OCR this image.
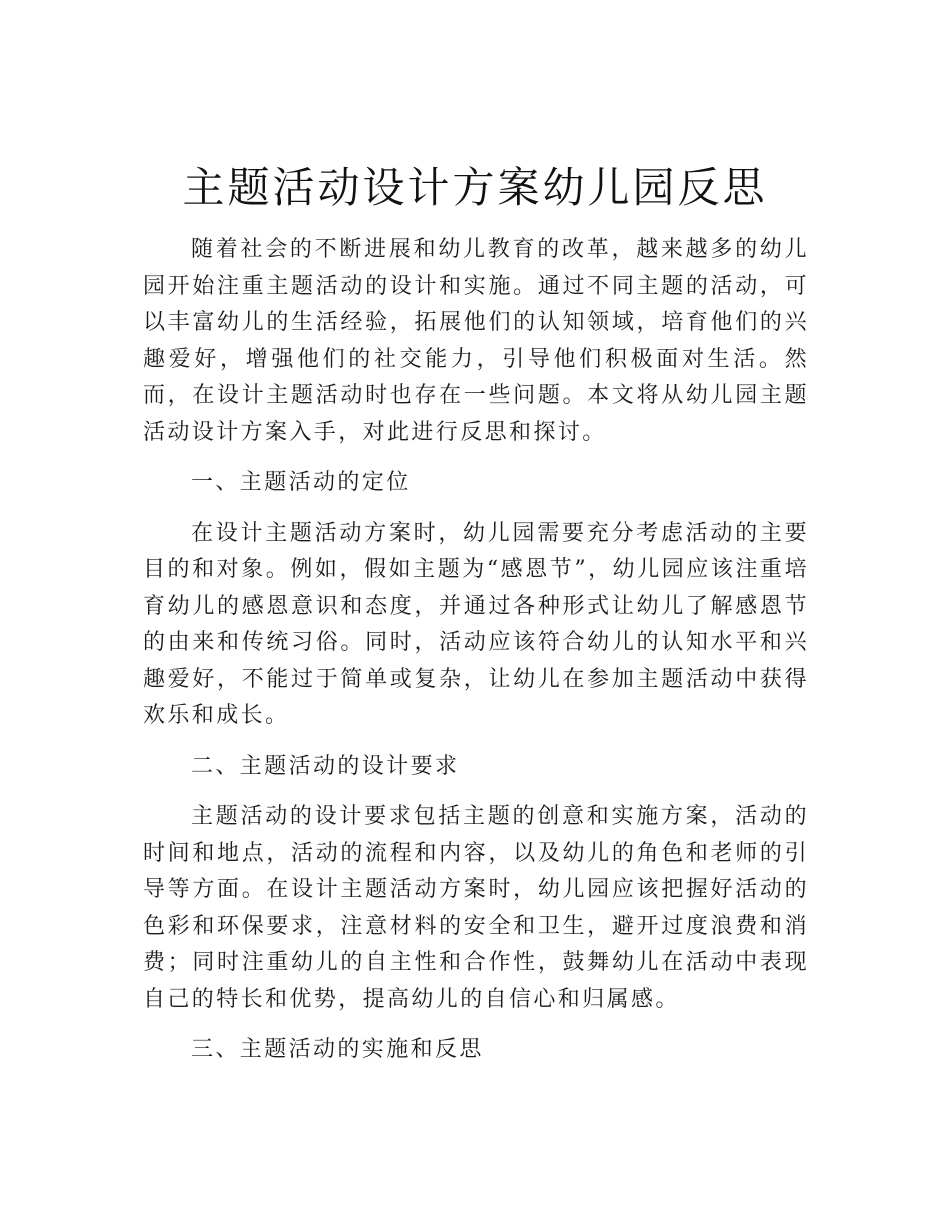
主题活动设计方案幼儿园反思

随着社会的不断进展和幼儿教育的改革，越来越多的幼儿园开始注重主题活动的设计和实施。通过不同主题的活动，可以丰富幼儿的生活经验，拓展他们的认知领域，培育他们的兴趣爱好，增强他们的社交能力，引导他们积极面对生活。然而，在设计主题活动时也存在一些问题。本文将从幼儿园主题活动设计方案入手，对此进行反思和探讨。

一、主题活动的定位

在设计主题活动方案时，幼儿园需要充分考虑活动的主要目的和对象。例如，假如主题为“感恩节”，幼儿园应该注重培育幼儿的感恩意识和态度，并通过各种形式让幼儿了解感恩节的由来和传统习俗。同时，活动应该符合幼儿的认知水平和兴趣爱好，不能过于简单或复杂，让幼儿在参加主题活动中获得欢乐和成长。

二、主题活动的设计要求

主题活动的设计要求包括主题的创意和实施方案，活动的时间和地点，活动的流程和内容，以及幼儿的角色和老师的引导等方面。在设计主题活动方案时，幼儿园应该把握好活动的色彩和环保要求，注意材料的安全和卫生，避开过度浪费和消费；同时注重幼儿的自主性和合作性，鼓舞幼儿在活动中表现自己的特长和优势，提高幼儿的自信心和归属感。

三、主题活动的实施和反思
